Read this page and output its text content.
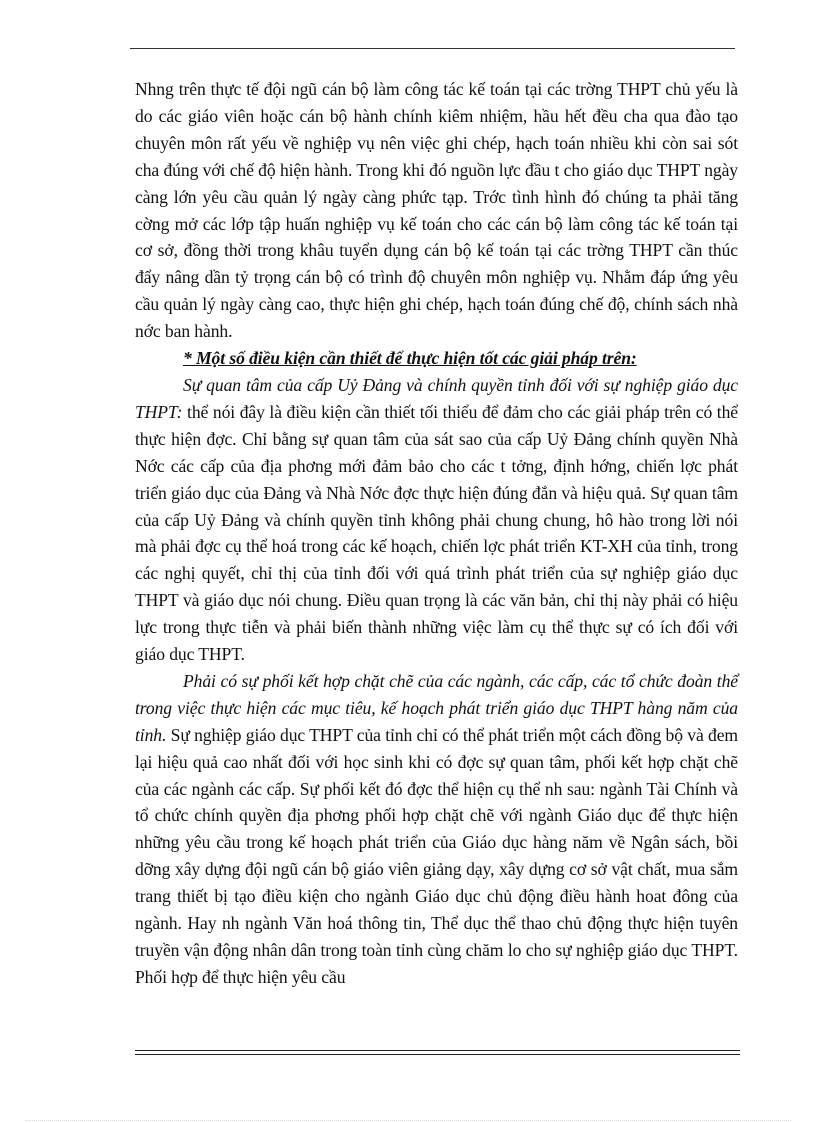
Nhng trên thực tế đội ngũ cán bộ làm công tác kế toán tại các trờng THPT chủ yếu là do các giáo viên hoặc cán bộ hành chính kiêm nhiệm, hầu hết đều cha qua đào tạo chuyên môn rất yếu về nghiệp vụ nên việc ghi chép, hạch toán nhiều khi còn sai sót cha đúng với chế độ hiện hành. Trong khi đó nguồn lực đầu t cho giáo dục THPT ngày càng lớn yêu cầu quản lý ngày càng phức tạp. Trớc tình hình đó chúng ta phải tăng cờng mở các lớp tập huấn nghiệp vụ kế toán cho các cán bộ làm công tác kế toán tại cơ sở, đồng thời trong khâu tuyển dụng cán bộ kế toán tại các trờng THPT cần thúc đẩy nâng dần tỷ trọng cán bộ có trình độ chuyên môn nghiệp vụ. Nhằm đáp ứng yêu cầu quản lý ngày càng cao, thực hiện ghi chép, hạch toán đúng chế độ, chính sách nhà nớc ban hành.

* Một số điều kiện cần thiết để thực hiện tốt các giải pháp trên:

Sự quan tâm của cấp Uỷ Đảng và chính quyền tỉnh đối với sự nghiệp giáo dục THPT: thể nói đây là điều kiện cần thiết tối thiểu để đảm cho các giải pháp trên có thể thực hiện đợc. Chỉ bằng sự quan tâm của sát sao của cấp Uỷ Đảng chính quyền Nhà Nớc các cấp của địa phơng mới đảm bảo cho các t tởng, định hớng, chiến lợc phát triển giáo dục của Đảng và Nhà Nớc đợc thực hiện đúng đắn và hiệu quả. Sự quan tâm của cấp Uỷ Đảng và chính quyền tỉnh không phải chung chung, hô hào trong lời nói mà phải đợc cụ thể hoá trong các kế hoạch, chiến lợc phát triển KT-XH của tỉnh, trong các nghị quyết, chỉ thị của tỉnh đối với quá trình phát triển của sự nghiệp giáo dục THPT và giáo dục nói chung. Điều quan trọng là các văn bản, chỉ thị này phải có hiệu lực trong thực tiễn và phải biến thành những việc làm cụ thể thực sự có ích đối với giáo dục THPT.

Phải có sự phối kết hợp chặt chẽ của các ngành, các cấp, các tổ chức đoàn thể trong việc thực hiện các mục tiêu, kế hoạch phát triển giáo dục THPT hàng năm của tỉnh. Sự nghiệp giáo dục THPT của tỉnh chỉ có thể phát triển một cách đồng bộ và đem lại hiệu quả cao nhất đối với học sinh khi có đợc sự quan tâm, phối kết hợp chặt chẽ của các ngành các cấp. Sự phối kết đó đợc thể hiện cụ thể nh sau: ngành Tài Chính và tổ chức chính quyền địa phơng phối hợp chặt chẽ với ngành Giáo dục để thực hiện những yêu cầu trong kế hoạch phát triển của Giáo dục hàng năm về Ngân sách, bồi dỡng xây dựng đội ngũ cán bộ giáo viên giảng dạy, xây dựng cơ sở vật chất, mua sắm trang thiết bị tạo điều kiện cho ngành Giáo dục chủ động điều hành hoat đông của ngành. Hay nh ngành Văn hoá thông tin, Thể dục thể thao chủ động thực hiện tuyên truyền vận động nhân dân trong toàn tỉnh cùng chăm lo cho sự nghiệp giáo dục THPT. Phối hợp để thực hiện yêu cầu
